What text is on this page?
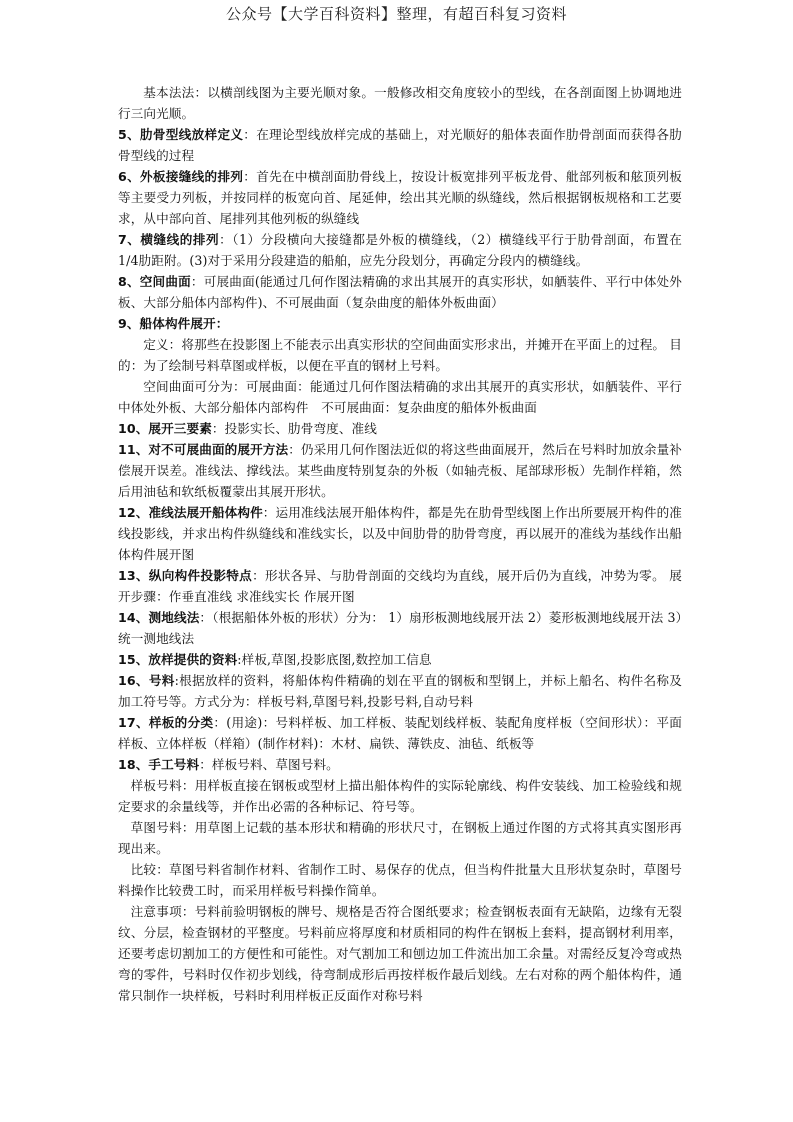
公众号【大学百科资料】整理，有超百科复习资料

基本法法：以横剖线图为主要光顺对象。一般修改相交角度较小的型线，在各剖面图上协调地进行三向光顺。

5、肋骨型线放样定义：在理论型线放样完成的基础上，对光顺好的船体表面作肋骨剖面而获得各肋骨型线的过程

6、外板接缝线的排列：首先在中横剖面肋骨线上，按设计板宽排列平板龙骨、舭部列板和舷顶列板等主要受力列板，并按同样的板宽向首、尾延伸，绘出其光顺的纵缝线，然后根据钢板规格和工艺要求，从中部向首、尾排列其他列板的纵缝线

7、横缝线的排列：（1）分段横向大接缝都是外板的横缝线，（2）横缝线平行于肋骨剖面，布置在1/4肋距附。(3)对于采用分段建造的船舶，应先分段划分，再确定分段内的横缝线。

8、空间曲面：可展曲面(能通过几何作图法精确的求出其展开的真实形状，如舾装件、平行中体处外板、大部分船体内部构件)、不可展曲面（复杂曲度的船体外板曲面）

9、船体构件展开：

定义：将那些在投影图上不能表示出真实形状的空间曲面实形求出，并摊开在平面上的过程。 目的：为了绘制号料草图或样板，以便在平直的钢材上号料。

空间曲面可分为：可展曲面：能通过几何作图法精确的求出其展开的真实形状，如舾装件、平行中体处外板、大部分船体内部构件　不可展曲面：复杂曲度的船体外板曲面

10、展开三要素：投影实长、肋骨弯度、准线

11、对不可展曲面的展开方法：仍采用几何作图法近似的将这些曲面展开，然后在号料时加放余量补偿展开误差。准线法、撑线法。某些曲度特别复杂的外板（如轴壳板、尾部球形板）先制作样箱，然后用油毡和软纸板覆蒙出其展开形状。

12、准线法展开船体构件：运用准线法展开船体构件，都是先在肋骨型线图上作出所要展开构件的准线投影线，并求出构件纵缝线和准线实长，以及中间肋骨的肋骨弯度，再以展开的准线为基线作出船体构件展开图

13、纵向构件投影特点：形状各异、与肋骨剖面的交线均为直线，展开后仍为直线，冲势为零。 展开步骤：作垂直准线 求准线实长 作展开图

14、测地线法：（根据船体外板的形状）分为： 1）扇形板测地线展开法 2）菱形板测地线展开法 3）统一测地线法

15、放样提供的资料:样板,草图,投影底图,数控加工信息

16、号料:根据放样的资料，将船体构件精确的划在平直的钢板和型钢上，并标上船名、构件名称及加工符号等。方式分为：样板号料,草图号料,投影号料,自动号料

17、样板的分类：(用途)：号料样板、加工样板、装配划线样板、装配角度样板（空间形状）：平面样板、立体样板（样箱）(制作材料)：木材、扁铁、薄铁皮、油毡、纸板等

18、手工号料：样板号料、草图号料。

样板号料：用样板直接在钢板或型材上描出船体构件的实际轮廓线、构件安装线、加工检验线和规定要求的余量线等，并作出必需的各种标记、符号等。

草图号料：用草图上记载的基本形状和精确的形状尺寸，在钢板上通过作图的方式将其真实图形再现出来。

比较：草图号料省制作材料、省制作工时、易保存的优点，但当构件批量大且形状复杂时，草图号料操作比较费工时，而采用样板号料操作简单。

注意事项：号料前验明钢板的牌号、规格是否符合图纸要求；检查钢板表面有无缺陷，边缘有无裂纹、分层，检查钢材的平整度。号料前应将厚度和材质相同的构件在钢板上套料，提高钢材利用率，还要考虑切割加工的方便性和可能性。对气割加工和刨边加工件流出加工余量。对需经反复冷弯或热弯的零件，号料时仅作初步划线，待弯制成形后再按样板作最后划线。左右对称的两个船体构件，通常只制作一块样板，号料时利用样板正反面作对称号料
